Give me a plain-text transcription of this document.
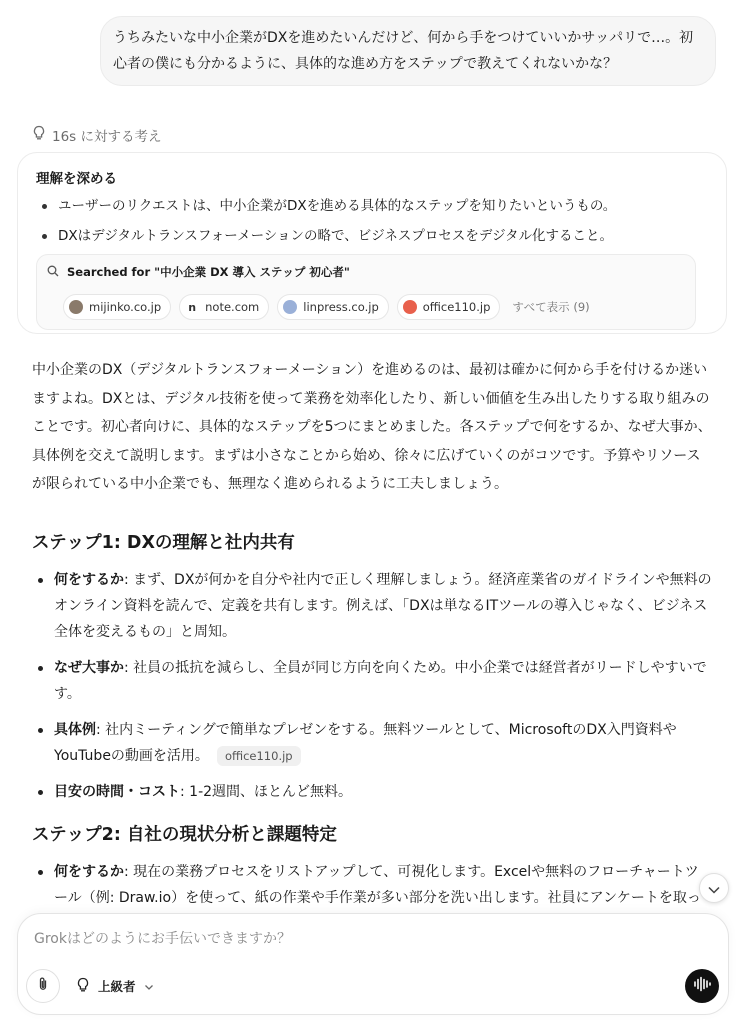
うちみたいな中小企業がDXを進めたいんだけど、何から手をつけていいかサッパリで…。初心者の僕にも分かるように、具体的な進め方をステップで教えてくれないかな？
16s に対する考え
理解を深める
ユーザーのリクエストは、中小企業がDXを進める具体的なステップを知りたいというもの。
DXはデジタルトランスフォーメーションの略で、ビジネスプロセスをデジタル化すること。
Searched for "中小企業 DX 導入 ステップ 初心者"
mijinko.co.jp n note.com	linpress.co.jp	office110.jp すべて表示 (9)

中小企業のDX（デジタルトランスフォーメーション）を進めるのは、最初は確かに何から手を付けるか迷いますよね。DXとは、デジタル技術を使って業務を効率化したり、新しい価値を生み出したりする取り組みのことです。初心者向けに、具体的なステップを5つにまとめました。各ステップで何をするか、なぜ大事か、具体例を交えて説明します。まずは小さなことから始め、徐々に広げていくのがコツです。予算やリソースが限られている中小企業でも、無理なく進められるように工夫しましょう。

ステップ1: DXの理解と社内共有
何をするか: まず、DXが何かを自分や社内で正しく理解しましょう。経済産業省のガイドラインや無料のオンライン資料を読んで、定義を共有します。例えば、「DXは単なるITツールの導入じゃなく、ビジネス全体を変えるもの」と周知。
なぜ大事か: 社員の抵抗を減らし、全員が同じ方向を向くため。中小企業では経営者がリードしやすいです。
具体例: 社内ミーティングで簡単なプレゼンをする。無料ツールとして、MicrosoftのDX入門資料やYouTubeの動画を活用。 office110.jp
目安の時間・コスト: 1-2週間、ほとんど無料。
ステップ2: 自社の現状分析と課題特定
何をするか: 現在の業務プロセスをリストアップして、可視化します。Excelや無料のフローチャートツール（例: Draw.io）を使って、紙の作業や手作業が多い部分を洗い出します。社員にアンケートを取っ
Grokはどのようにお手伝いできますか？
上級者
